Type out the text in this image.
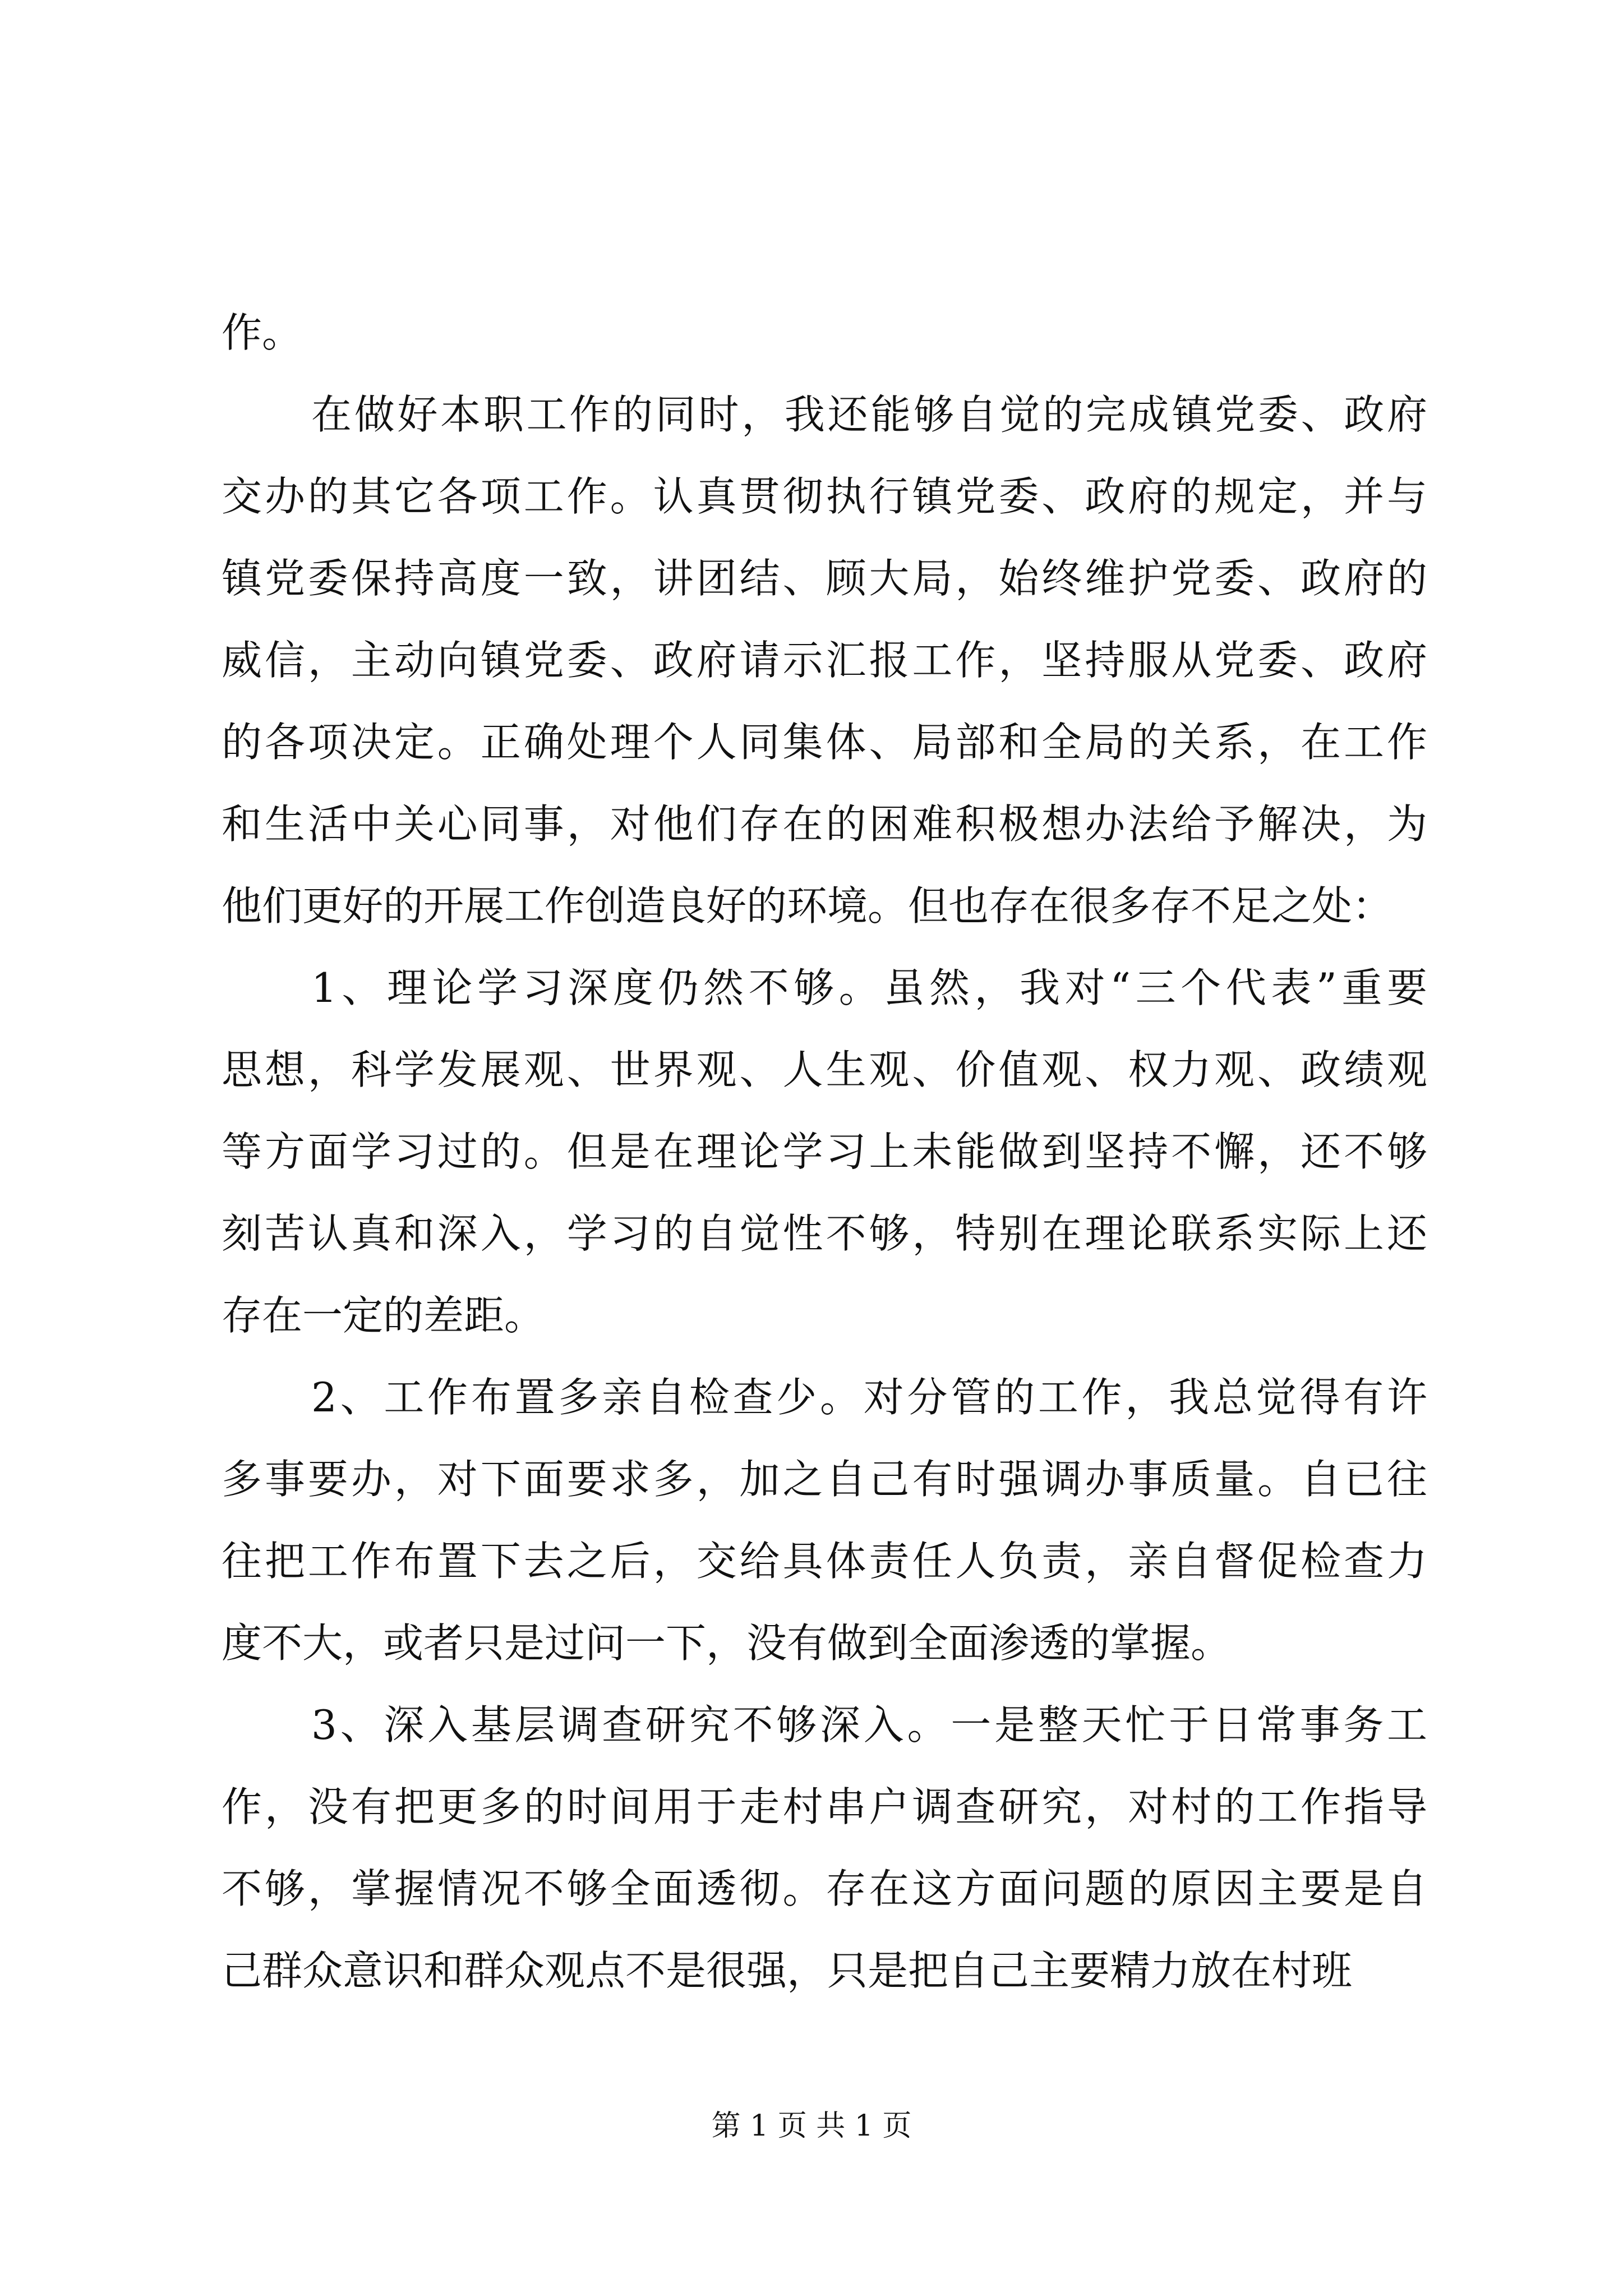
作。
在做好本职工作的同时，我还能够自觉的完成镇党委、政府
交办的其它各项工作。认真贯彻执行镇党委、政府的规定，并与
镇党委保持高度一致，讲团结、顾大局，始终维护党委、政府的
威信，主动向镇党委、政府请示汇报工作，坚持服从党委、政府
的各项决定。正确处理个人同集体、局部和全局的关系，在工作
和生活中关心同事，对他们存在的困难积极想办法给予解决，为
他们更好的开展工作创造良好的环境。但也存在很多存不足之处：
1、理论学习深度仍然不够。虽然，我对“三个代表”重要
思想，科学发展观、世界观、人生观、价值观、权力观、政绩观
等方面学习过的。但是在理论学习上未能做到坚持不懈，还不够
刻苦认真和深入，学习的自觉性不够，特别在理论联系实际上还
存在一定的差距。
2、工作布置多亲自检查少。对分管的工作，我总觉得有许
多事要办，对下面要求多，加之自己有时强调办事质量。自已往
往把工作布置下去之后，交给具体责任人负责，亲自督促检查力
度不大，或者只是过问一下，没有做到全面渗透的掌握。
3、深入基层调查研究不够深入。一是整天忙于日常事务工
作，没有把更多的时间用于走村串户调查研究，对村的工作指导
不够，掌握情况不够全面透彻。存在这方面问题的原因主要是自
己群众意识和群众观点不是很强，只是把自己主要精力放在村班
第 1 页 共 1 页
